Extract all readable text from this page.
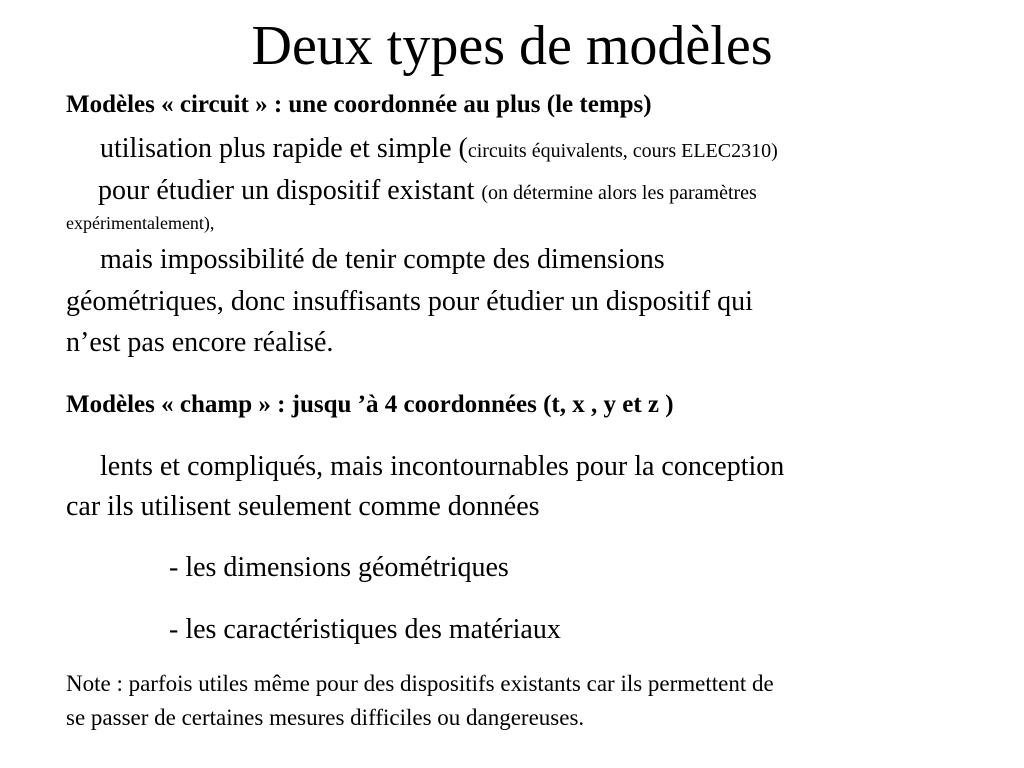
Deux types de modèles
Modèles « circuit » : une coordonnée au plus (le temps)
utilisation plus rapide et simple (circuits équivalents, cours ELEC2310)
pour étudier un dispositif existant (on détermine alors les paramètres
expérimentalement),
mais impossibilité de tenir compte des dimensions
géométriques, donc insuffisants pour étudier un dispositif qui
n’est pas encore réalisé.
Modèles « champ » : jusqu ’à 4 coordonnées (t, x , y et z )
lents et compliqués, mais incontournables pour la conception
car ils utilisent seulement comme données
- les dimensions géométriques
- les caractéristiques des matériaux
Note : parfois utiles même pour des dispositifs existants car ils permettent de
se passer de certaines mesures difficiles ou dangereuses.
